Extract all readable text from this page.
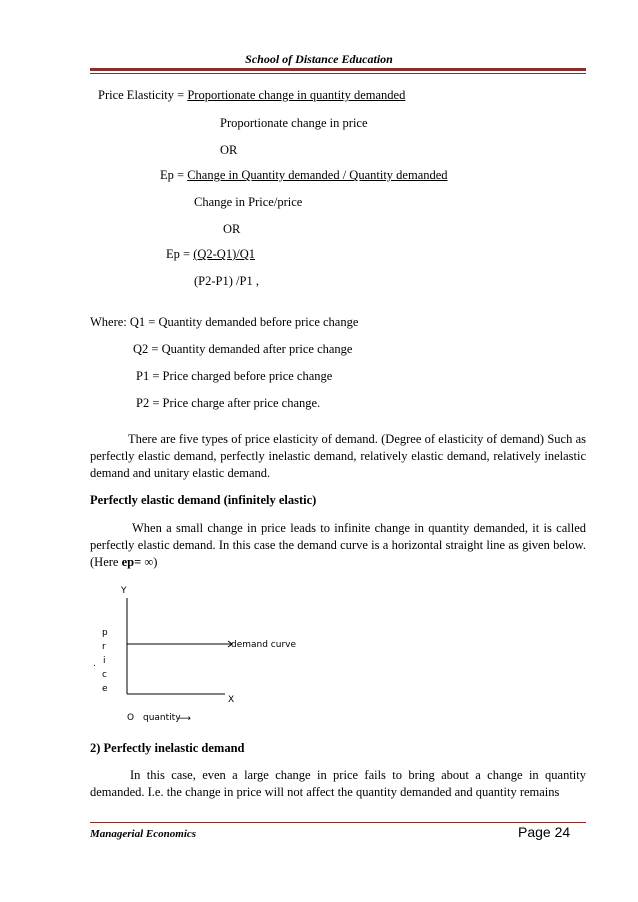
School of Distance Education
Price Elasticity = Proportionate change in quantity demanded
Proportionate change in price
OR
Ep = Change in Quantity demanded / Quantity demanded
Change in Price/price
OR
Ep = (Q2-Q1)/Q1
(P2-P1) /P1 ,
Where: Q1 = Quantity demanded before price change
Q2 = Quantity demanded after price change
P1 = Price charged before price change
P2 = Price charge after price change.
There are five types of price elasticity of demand. (Degree of elasticity of demand) Such as perfectly elastic demand, perfectly inelastic demand, relatively elastic demand, relatively inelastic demand and unitary elastic demand.
Perfectly elastic demand (infinitely elastic)
When a small change in price leads to infinite change in quantity demanded, it is called perfectly elastic demand. In this case the demand curve is a horizontal straight line as given below. (Here ep= ∞)
Y
X
p
r
i
.
c
e
demand curve
O quantity
⟶
2) Perfectly inelastic demand
In this case, even a large change in price fails to bring about a change in quantity demanded. I.e. the change in price will not affect the quantity demanded and quantity remains
Managerial Economics	Page 24
